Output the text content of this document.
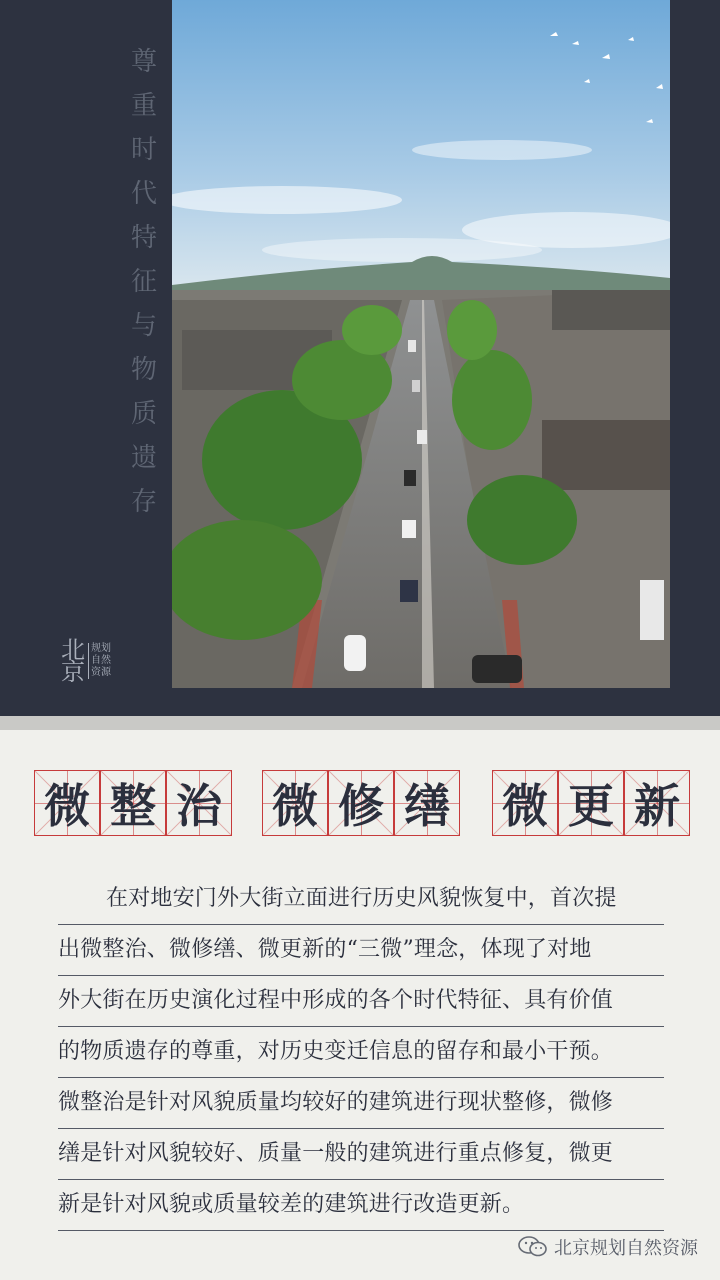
尊
重
时
代
特
征
与
物
质
遗
存
北京
规划
自然
资源
微 整 治 微 修 缮 微 更 新
在对地安门外大街立面进行历史风貌恢复中，首次提
出微整治、微修缮、微更新的“三微”理念，体现了对地
外大街在历史演化过程中形成的各个时代特征、具有价值
的物质遗存的尊重，对历史变迁信息的留存和最小干预。
微整治是针对风貌质量均较好的建筑进行现状整修，微修
缮是针对风貌较好、质量一般的建筑进行重点修复，微更
新是针对风貌或质量较差的建筑进行改造更新。
北京规划自然资源
